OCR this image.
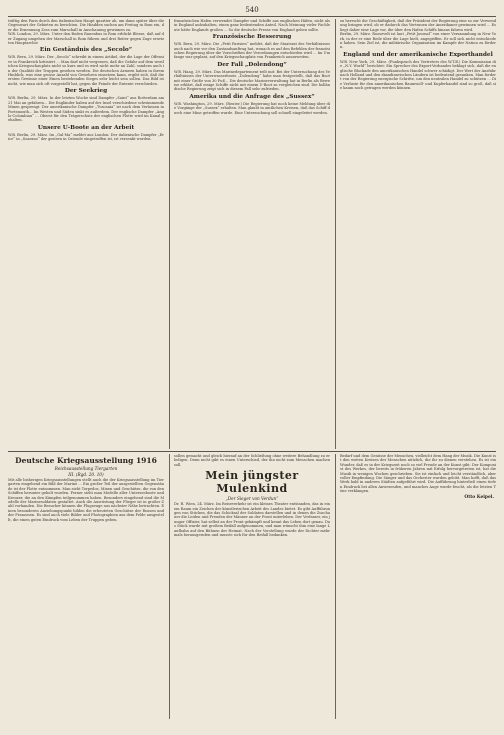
540

träftig den Paris durch den italienischen Haupt quartier ab, um dann später über die Gegenwart der Gebieten zu berichten. Die Hindden suchen am Freitag in Rom ein, der die Ernennung Zoss zum Marschall in Anschauung gewinnen zu.

W.B. London, 29. März. Unter den Boden Rauenbus in Rom erblickt Blesse, daß auf der Zugang umgehen der Marschall in Rom führen und drei Reiter gegen Zuge ersetzten Hauptarchiv.

Ein Geständnis des „Secolo“

W.B. Bern, 29. März. Der „Secolo“ schreibt in einem Artikel, der die Lage der Offensive in Frankreich kritisiert ... Man darf nicht vergessen, daß die Gefahr auf dem westlichen Kriegsschauplatz nicht so kurz und es wird nicht mehr an Zahl, sondern auch in der Qualität der Truppen gesehen werden. Die deutschen Armeen haben in ihrem Hinblick, was eine grosse Anzahl von Gewehren einsetzen kann, ergibt sich, daß die ersten Gewinne einer Einen bestehenden Sieges sehr leicht sein sollen. Das Bild ist nicht, wie man sich oft vorgestellt hat, gegen die Feinde der Entente verschieden.

Der Seekrieg

W.B. Berlin, 29. März. In der letzten Woche sind Dampfer „Saint“ aus Rotterdam am 21 Mai an gefahren... Die Engländer haben auf der Insel verschiedene schwimmende Minen gesprengt. Der amerikanische Dampfer „Tuscania“ ist nach dem Verlassen in Portsmouth... Im Westen und Süden sinkt es außerdem. Der englische Dampfer „Anglo-Colombian“ ... Oberst für den Trägerschutz der englischen Flotte wird im Kanal gehalten.

Unsere U-Boote an der Arbeit

W.B. Berlin, 29. März. Im „Gal-Ma“ meldet aus London: Der italienische Dampfer „Erice“ in „Soarano“ der gestern in Ostende eingetroffen ist, ist versenkt worden.

französischen Hafen verwendet Dampfer und Schiffe aus englischen Häfen, nicht als in England aufzuhalten, einen ganz bedeutenden Anteil. Nach Meinung vieler Fachleute hätte Englands großen ... So die deutsche Presse von England gehen sollte.

Französische Besserung

W.B. Bern, 29. März. Die „Petit Parisien“ meldet, daß der Staatsrat des Verhältnisses auch nach wie vor den Zustandsauftrag hat, wonach es auf den Befehlen der französischen Regierung über die Vorschriften der Verordnungen entschieden wird ... Im Umfange war geplant, auf den Kriegsschauplatz von Frankreich auszuweiten.

Der Fall „Dolendong“

W.B. Haag, 29. März. Das Marinedepartement teilt mit: Bei der Untersuchung des Verhältnisses der Unterwasserboots „Dolendong“ habe man festgestellt, daß das Boot mit einer Größe von 30 Fuß... Die deutsche Marineverwaltung hat in Berlin als Beweise erklärt, daß einige Schiffe nicht mit einem U-Boot zu vergleichen sind. Die holländische Regierung zeigt sich in diesem Fall sehr zufrieden.

Amerika und die Anfrage des „Sussex“

W.B. Washington, 29. März. (Reuter.) Die Regierung hat noch keine Meldung über die Vorgänge der „Sussex“ erhalten. Man glaubt in amtlichen Kreisen, daß das Schiff durch eine Mine getroffen wurde. Eine Untersuchung soll schnell eingeleitet werden.

zu herrscht die Geschäftigkeit, daß der Präsident der Regierung eine so zur Verwendung bringen wird, ob er dadurch das Vertrauen der Amerikaner gewinnen wird ... Es liegt daher eine Lage vor, die über den Hafen Schiffs hinaus fahren wird.

Berlin, 29. März. Roosevelt ist laut „Petit Journal“ von einer Versammlung in New York, in der er eine Rede über die Lage hielt, angegriffen. Er soll sich nicht entschieden haben. Sein Ziel ist, die militärische Organisation im Kampfe der Nation zu fördern.

England und der amerikanische Exporthandel

W.B. New York, 29. März. (Funkspruch des Vertreters des W.T.B.) Die Kommission die „N.Y. World“ berichtet: Ein Sprecher des Export-Verbandes beklagt sich, daß die englische Blockade den amerikanischen Handel schwer schädigt. Der Wert der Ausfuhr nach Holland und den skandinavischen Ländern ist bedeutend gesunken. Man fordert von der Regierung energische Schritte, um den neutralen Handel zu schützen ... Die Verluste für den amerikanischen Baumwoll- und Kupferhandel sind so groß, daß sie kaum noch getragen werden können.

Deutsche Kriegsausstellung 1916
Reichsausstellung Tiergarten
III. (Rgd. 20. 10)

Mit alle bisherigen Kriegsausstellungen stellt auch die der Kriegsausstellung im Tiergarten eingehend ein Bild der Marine ... Ein großer Teil der ausgestellten Gegenstände ist der Flotte entnommen. Man sieht Torpedos, Minen und Geschütze, die von den Schiffen herunter geholt wurden. Ferner sieht man Modelle aller Unterseeboote und Kreuzer, die an den Kämpfen teilgenommen haben. Besonders eingehend sind die Modelle der Marinesoldaten gestaltet. Auch die Ausrüstung der Flieger ist in großer Zahl vorhanden. Die Besucher können die Flugzeuge aus nächster Nähe betrachten. Einen besonderen Anziehungspunkt bilden die erbeuteten Geschütze der Russen und der Franzosen. Es sind auch viele Bilder und Photographien aus dem Felde ausgestellt, die einen guten Eindruck vom Leben der Truppen geben.

sollen gemacht und gleich hierauf an der Schließung ohne weitere Behandlung zu erledigen. Denn nicht gibt es einen Unterschied, der ihn nicht zum Menschen machen soll.

Mein jüngster Mulenkind
„Der Sieger von Verdun“

Dr. R. Wien, 24. März. Im Reiseverkehr ist ein kleines Theater entstanden, das in einem Raum ein Zeichen der künstlerischen Arbeit des Landes bietet. Es gibt Aufführungen von Stücken, die das Schicksal der Soldaten darstellen und in denen die Zuschauer die Leiden und Freuden der Männer an der Front miterleben. Der Verfasser, ein junger Offizier, hat selbst an der Front gekämpft und kennt das Leben dort genau. Das Stück wurde mit großem Beifall aufgenommen, und man wünscht ihm eine lange Laufbahn auf den Bühnen der Heimat. Nach der Vorstellung wurde der Dichter mehrmals herausgerufen und musste sich für den Beifall bedanken.

Bedarf und dem Genüsse der Menschen, vielleicht dem Hang der Musik. Die Kunst ist den weiten Kreisen der Menschen nützlich, die ihr zu dienen verstehen. Es ist ein Wunder, daß es in der Kriegszeit noch so viel Freude an der Kunst gibt. Der Komponist des Werkes, der bereits in früheren Jahren mit Erfolg hervorgetreten ist, hat die Musik in wenigen Wochen geschrieben. Sie ist einfach und leicht verständlich, aber voller Empfindung. Die Sänger und das Orchester wurden gelobt. Man hofft, daß das Werk bald in anderen Städten aufgeführt wird. Die Aufführung hinterließ einen tiefen Eindruck bei allen Anwesenden, und manches Auge wurde feucht, als die letzten Töne verklangen.

Otto Keipel.
